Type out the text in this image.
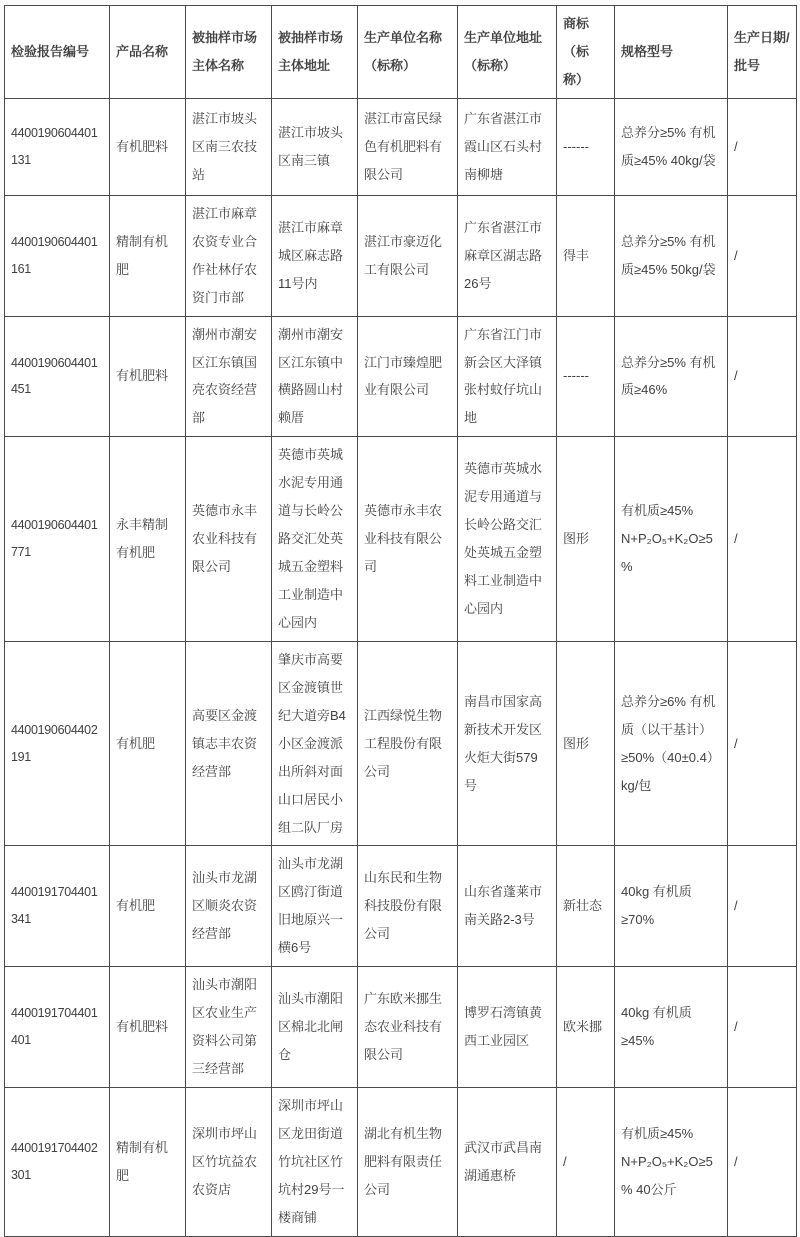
检验报告编号	产品名称	被抽样市场主体名称	被抽样市场主体地址	生产单位名称（标称）	生产单位地址（标称）	商标（标称）	规格型号	生产日期/批号
4400190604401131	有机肥料	湛江市坡头区南三农技站	湛江市坡头区南三镇	湛江市富民绿色有机肥料有限公司	广东省湛江市霞山区石头村南柳塘	------	总养分≥5% 有机质≥45% 40kg/袋	/
4400190604401161	精制有机肥	湛江市麻章农资专业合作社林仔农资门市部	湛江市麻章城区麻志路11号内	湛江市豪迈化工有限公司	广东省湛江市麻章区湖志路26号	得丰	总养分≥5% 有机质≥45% 50kg/袋	/
4400190604401451	有机肥料	潮州市潮安区江东镇国亮农资经营部	潮州市潮安区江东镇中横路圆山村赖厝	江门市臻煌肥业有限公司	广东省江门市新会区大泽镇张村蚊仔坑山地	------	总养分≥5% 有机质≥46%	/
4400190604401771	永丰精制有机肥	英德市永丰农业科技有限公司	英德市英城水泥专用通道与长岭公路交汇处英城五金塑料工业制造中心园内	英德市永丰农业科技有限公司	英德市英城水泥专用通道与长岭公路交汇处英城五金塑料工业制造中心园内	图形	有机质≥45% N+P₂O₅+K₂O≥5%	/
4400190604402191	有机肥	高要区金渡镇志丰农资经营部	肇庆市高要区金渡镇世纪大道旁B4小区金渡派出所斜对面山口居民小组二队厂房	江西绿悦生物工程股份有限公司	南昌市国家高新技术开发区火炬大街579号	图形	总养分≥6% 有机质（以干基计）≥50%（40±0.4）kg/包	/
4400191704401341	有机肥	汕头市龙湖区顺炎农资经营部	汕头市龙湖区鸥汀街道旧地原兴一横6号	山东民和生物科技股份有限公司	山东省蓬莱市南关路2-3号	新壮态	40kg 有机质≥70%	/
4400191704401401	有机肥料	汕头市潮阳区农业生产资料公司第三经营部	汕头市潮阳区棉北北闸仓	广东欧米挪生态农业科技有限公司	博罗石湾镇黄西工业园区	欧米挪	40kg 有机质≥45%	/
4400191704402301	精制有机肥	深圳市坪山区竹坑益农农资店	深圳市坪山区龙田街道竹坑社区竹坑村29号一楼商铺	湖北有机生物肥料有限责任公司	武汉市武昌南湖通惠桥	/	有机质≥45% N+P₂O₅+K₂O≥5% 40公斤	/
